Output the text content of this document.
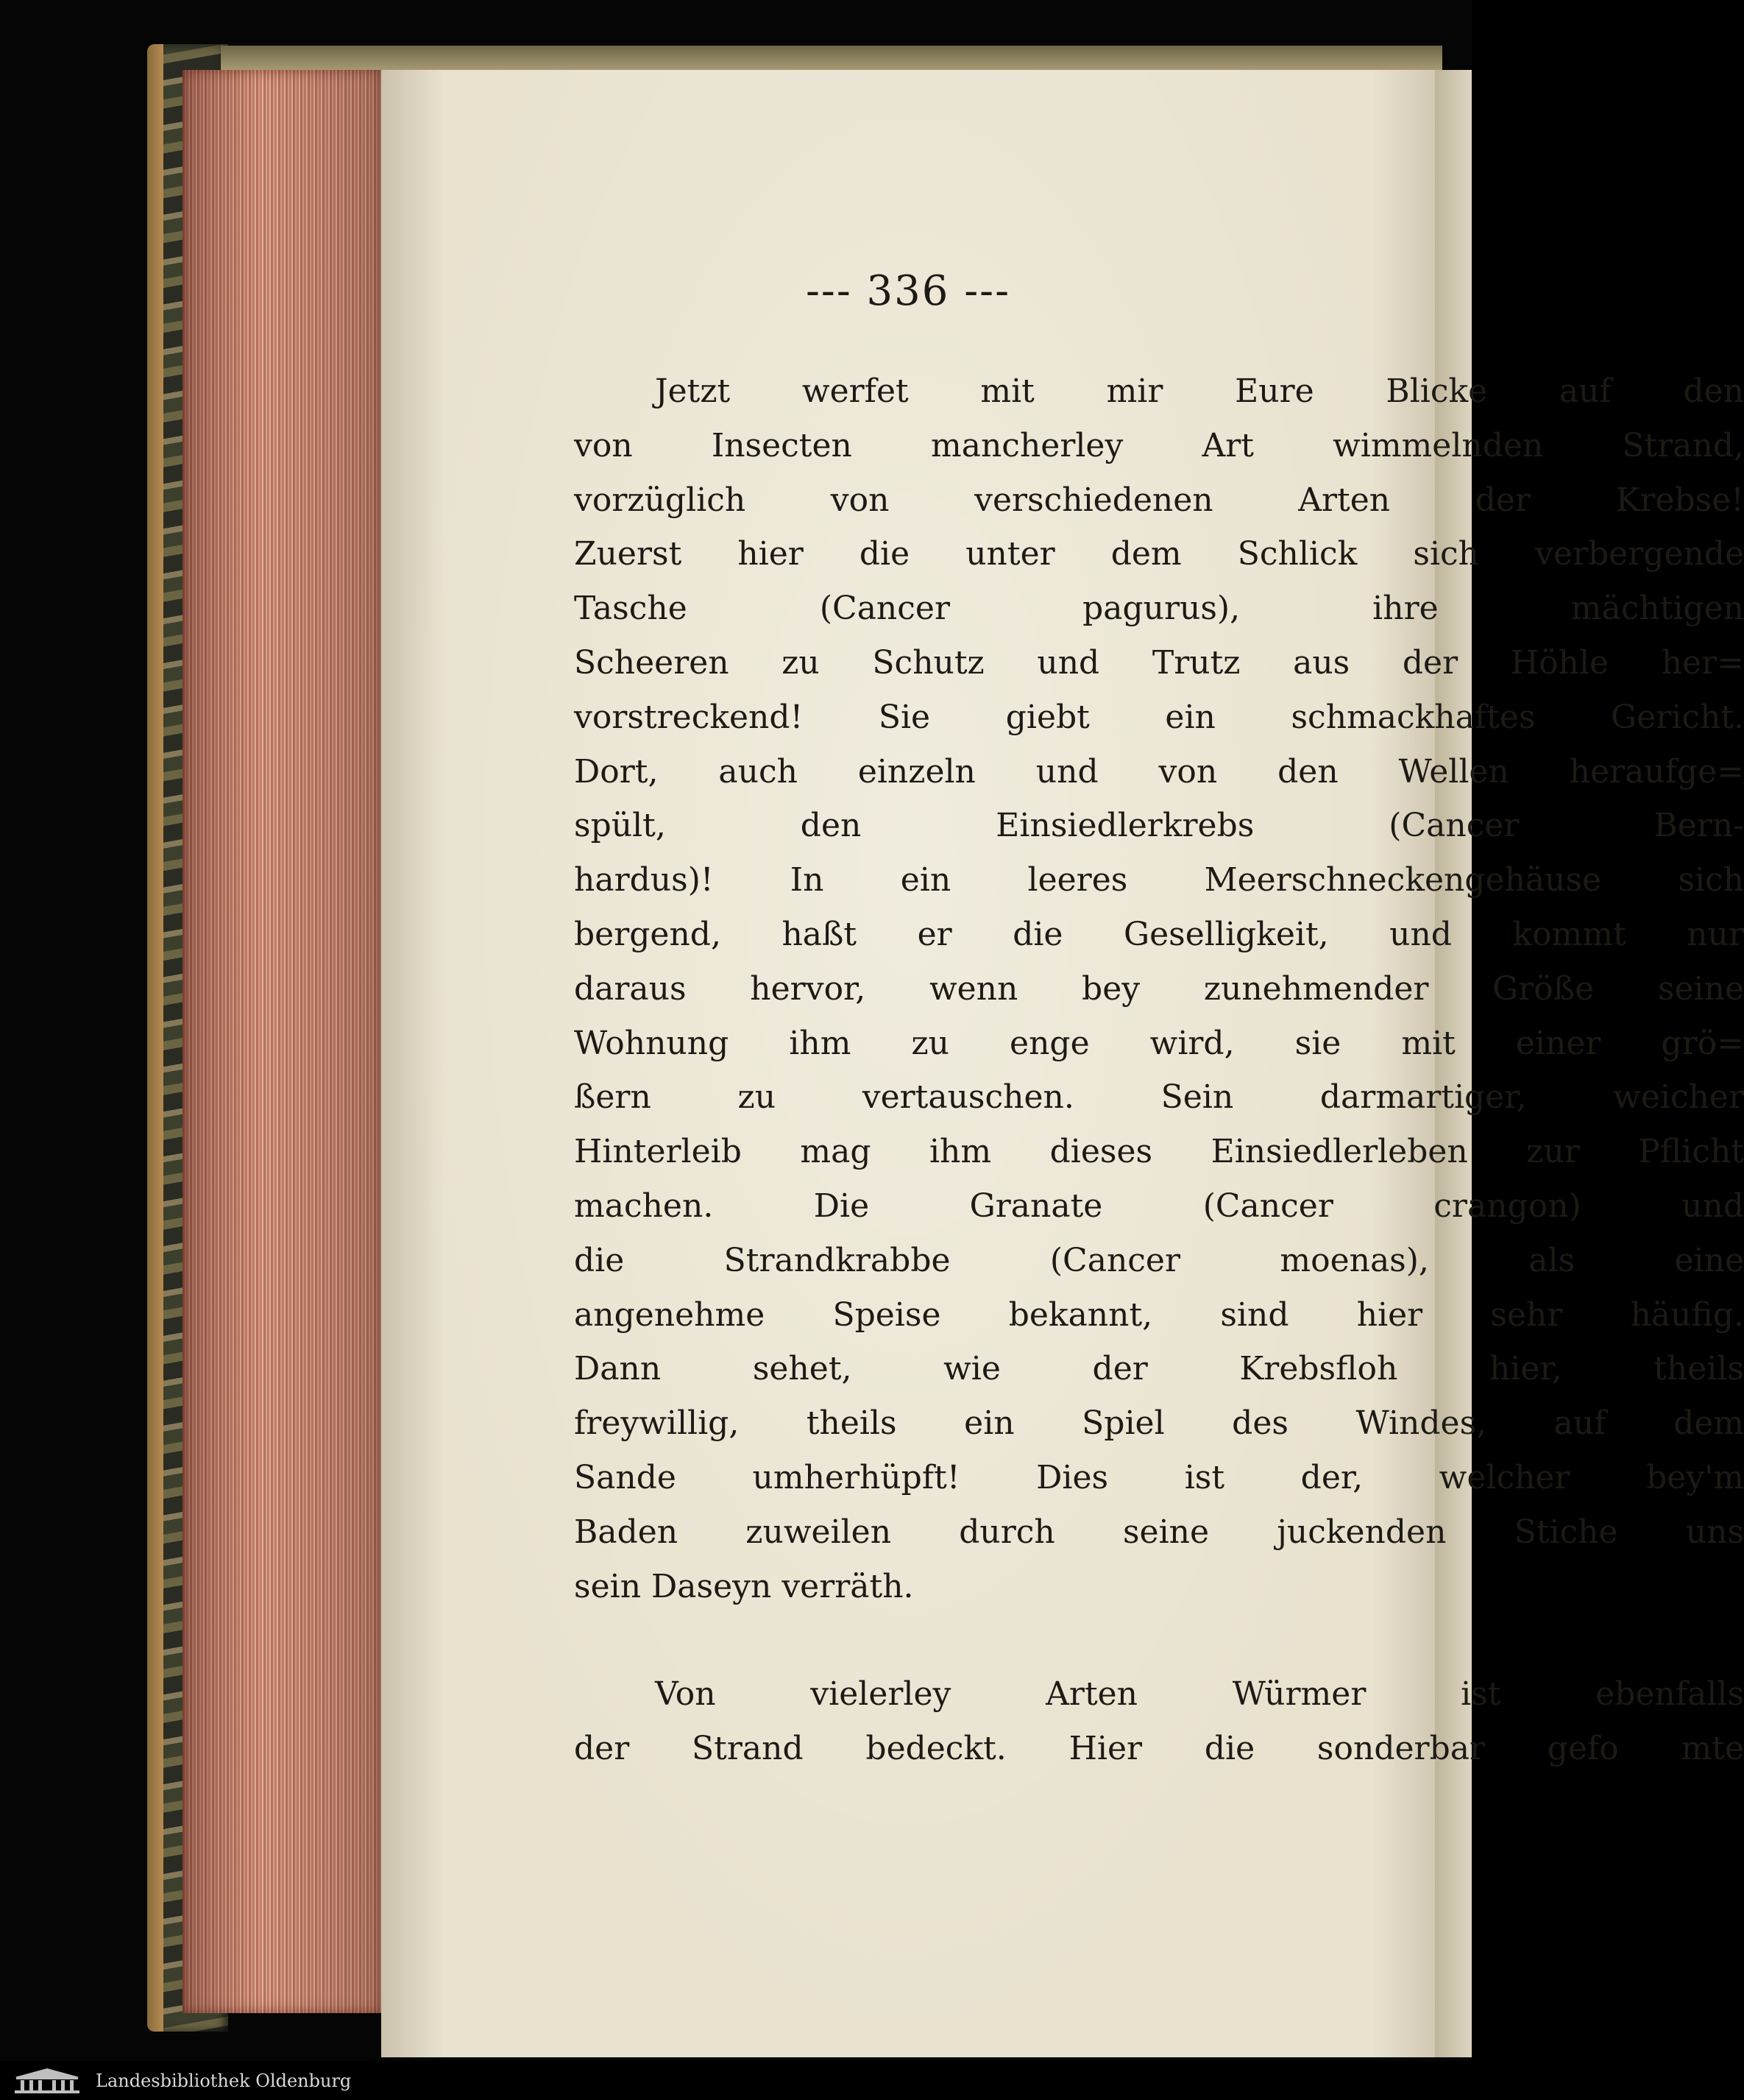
--- 336 ---
Jetzt werfet mit mir Eure Blicke auf den
von Insecten mancherley Art wimmelnden Strand,
vorzüglich von verschiedenen Arten der Krebse!
Zuerst hier die unter dem Schlick sich verbergende
Tasche (Cancer pagurus), ihre mächtigen
Scheeren zu Schutz und Trutz aus der Höhle her=
vorstreckend! Sie giebt ein schmackhaftes Gericht.
Dort, auch einzeln und von den Wellen heraufge=
spült, den Einsiedlerkrebs (Cancer Bern-
hardus)! In ein leeres Meerschneckengehäuse sich
bergend, haßt er die Geselligkeit, und kommt nur
daraus hervor, wenn bey zunehmender Größe seine
Wohnung ihm zu enge wird, sie mit einer grö=
ßern zu vertauschen. Sein darmartiger, weicher
Hinterleib mag ihm dieses Einsiedlerleben zur Pflicht
machen. Die Granate (Cancer crangon) und
die Strandkrabbe (Cancer moenas), als eine
angenehme Speise bekannt, sind hier sehr häufig.
Dann sehet, wie der Krebsfloh hier, theils
freywillig, theils ein Spiel des Windes, auf dem
Sande umherhüpft! Dies ist der, welcher bey'm
Baden zuweilen durch seine juckenden Stiche uns
sein Daseyn verräth.
Von vielerley Arten Würmer ist ebenfalls
der Strand bedeckt. Hier die sonderbar gefo mte
Landesbibliothek Oldenburg
